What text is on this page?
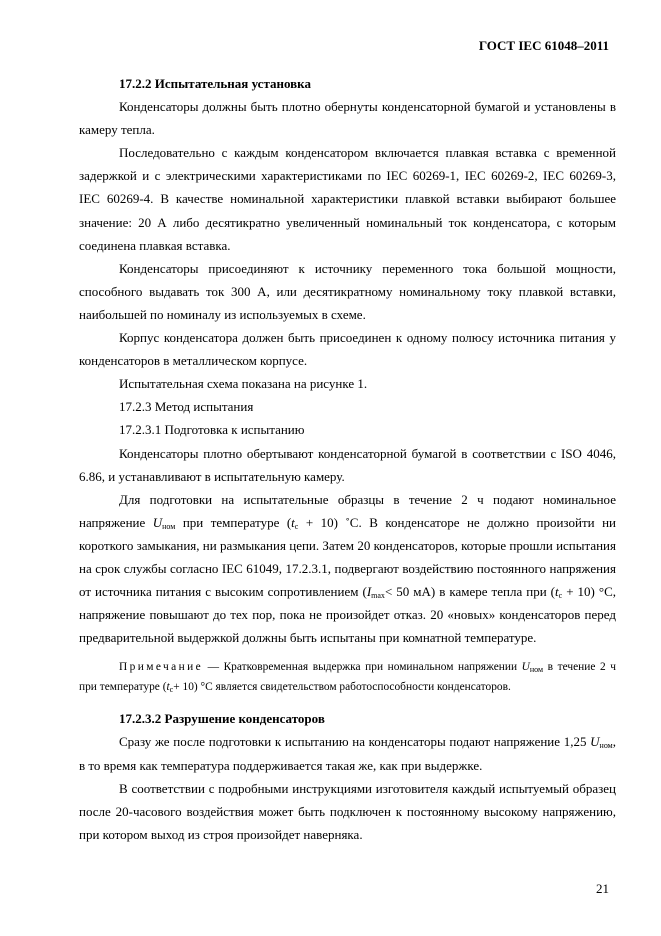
ГОСТ IEC 61048–2011

17.2.2 Испытательная установка

Конденсаторы должны быть плотно обернуты конденсаторной бумагой и установлены в камеру тепла.

Последовательно с каждым конденсатором включается плавкая вставка с временной задержкой и с электрическими характеристиками по IEC 60269-1, IEC 60269-2, IEC 60269-3, IEC 60269-4. В качестве номинальной характеристики плавкой вставки выбирают большее значение: 20 А либо десятикратно увеличенный номинальный ток конденсатора, с которым соединена плавкая вставка.

Конденсаторы присоединяют к источнику переменного тока большой мощности, способного выдавать ток 300 А, или десятикратному номинальному току плавкой вставки, наибольшей по номиналу из используемых в схеме.

Корпус конденсатора должен быть присоединен к одному полюсу источника питания у конденсаторов в металлическом корпусе.

Испытательная схема показана на рисунке 1.

17.2.3 Метод испытания

17.2.3.1 Подготовка к испытанию

Конденсаторы плотно обертывают конденсаторной бумагой в соответствии с ISO 4046, 6.86, и устанавливают в испытательную камеру.

Для подготовки на испытательные образцы в течение 2 ч подают номинальное напряжение $U_{ном}$ при температуре $(t_c + 10)$ ˚С. В конденсаторе не должно произойти ни короткого замыкания, ни размыкания цепи. Затем 20 конденсаторов, которые прошли испытания на срок службы согласно IEC 61049, 17.2.3.1, подвергают воздействию постоянного напряжения от источника питания с высоким сопротивлением ($I_{max}< 50$ мА) в камере тепла при $(t_c + 10)$ °С, напряжение повышают до тех пор, пока не произойдет отказ. 20 «новых» конденсаторов перед предварительной выдержкой должны быть испытаны при комнатной температуре.

Примечание — Кратковременная выдержка при номинальном напряжении $U_{ном}$ в течение 2 ч при температуре $(t_c+ 10)$ °С является свидетельством работоспособности конденсаторов.

17.2.3.2 Разрушение конденсаторов

Сразу же после подготовки к испытанию на конденсаторы подают напряжение 1,25 $U_{ном}$, в то время как температура поддерживается такая же, как при выдержке.

В соответствии с подробными инструкциями изготовителя каждый испытуемый образец после 20-часового воздействия может быть подключен к постоянному высокому напряжению, при котором выход из строя произойдет наверняка.

21
